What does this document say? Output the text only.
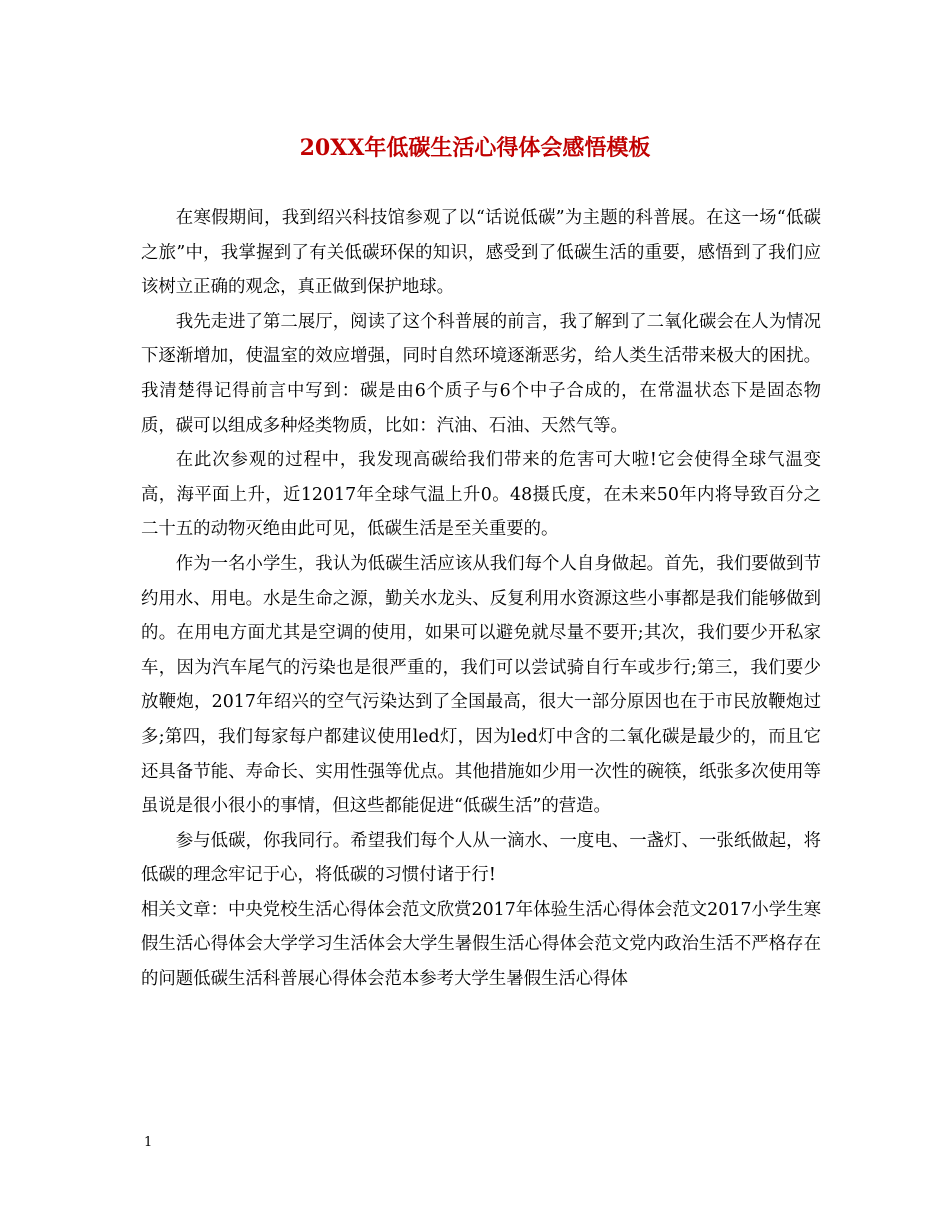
20XX年低碳生活心得体会感悟模板

在寒假期间，我到绍兴科技馆参观了以“话说低碳”为主题的科普展。在这一场“低碳之旅”中，我掌握到了有关低碳环保的知识，感受到了低碳生活的重要，感悟到了我们应该树立正确的观念，真正做到保护地球。

我先走进了第二展厅，阅读了这个科普展的前言，我了解到了二氧化碳会在人为情况下逐渐增加，使温室的效应增强，同时自然环境逐渐恶劣，给人类生活带来极大的困扰。我清楚得记得前言中写到：碳是由6个质子与6个中子合成的，在常温状态下是固态物质，碳可以组成多种烃类物质，比如：汽油、石油、天然气等。

在此次参观的过程中，我发现高碳给我们带来的危害可大啦!它会使得全球气温变高，海平面上升，近12017年全球气温上升0。48摄氏度，在未来50年内将导致百分之二十五的动物灭绝由此可见，低碳生活是至关重要的。

作为一名小学生，我认为低碳生活应该从我们每个人自身做起。首先，我们要做到节约用水、用电。水是生命之源，勤关水龙头、反复利用水资源这些小事都是我们能够做到的。在用电方面尤其是空调的使用，如果可以避免就尽量不要开;其次，我们要少开私家车，因为汽车尾气的污染也是很严重的，我们可以尝试骑自行车或步行;第三，我们要少放鞭炮，2017年绍兴的空气污染达到了全国最高，很大一部分原因也在于市民放鞭炮过多;第四，我们每家每户都建议使用led灯，因为led灯中含的二氧化碳是最少的，而且它还具备节能、寿命长、实用性强等优点。其他措施如少用一次性的碗筷，纸张多次使用等虽说是很小很小的事情，但这些都能促进“低碳生活”的营造。

参与低碳，你我同行。希望我们每个人从一滴水、一度电、一盏灯、一张纸做起，将低碳的理念牢记于心，将低碳的习惯付诸于行!

相关文章：中央党校生活心得体会范文欣赏2017年体验生活心得体会范文2017小学生寒假生活心得体会大学学习生活体会大学生暑假生活心得体会范文党内政治生活不严格存在的问题低碳生活科普展心得体会范本参考大学生暑假生活心得体

1
